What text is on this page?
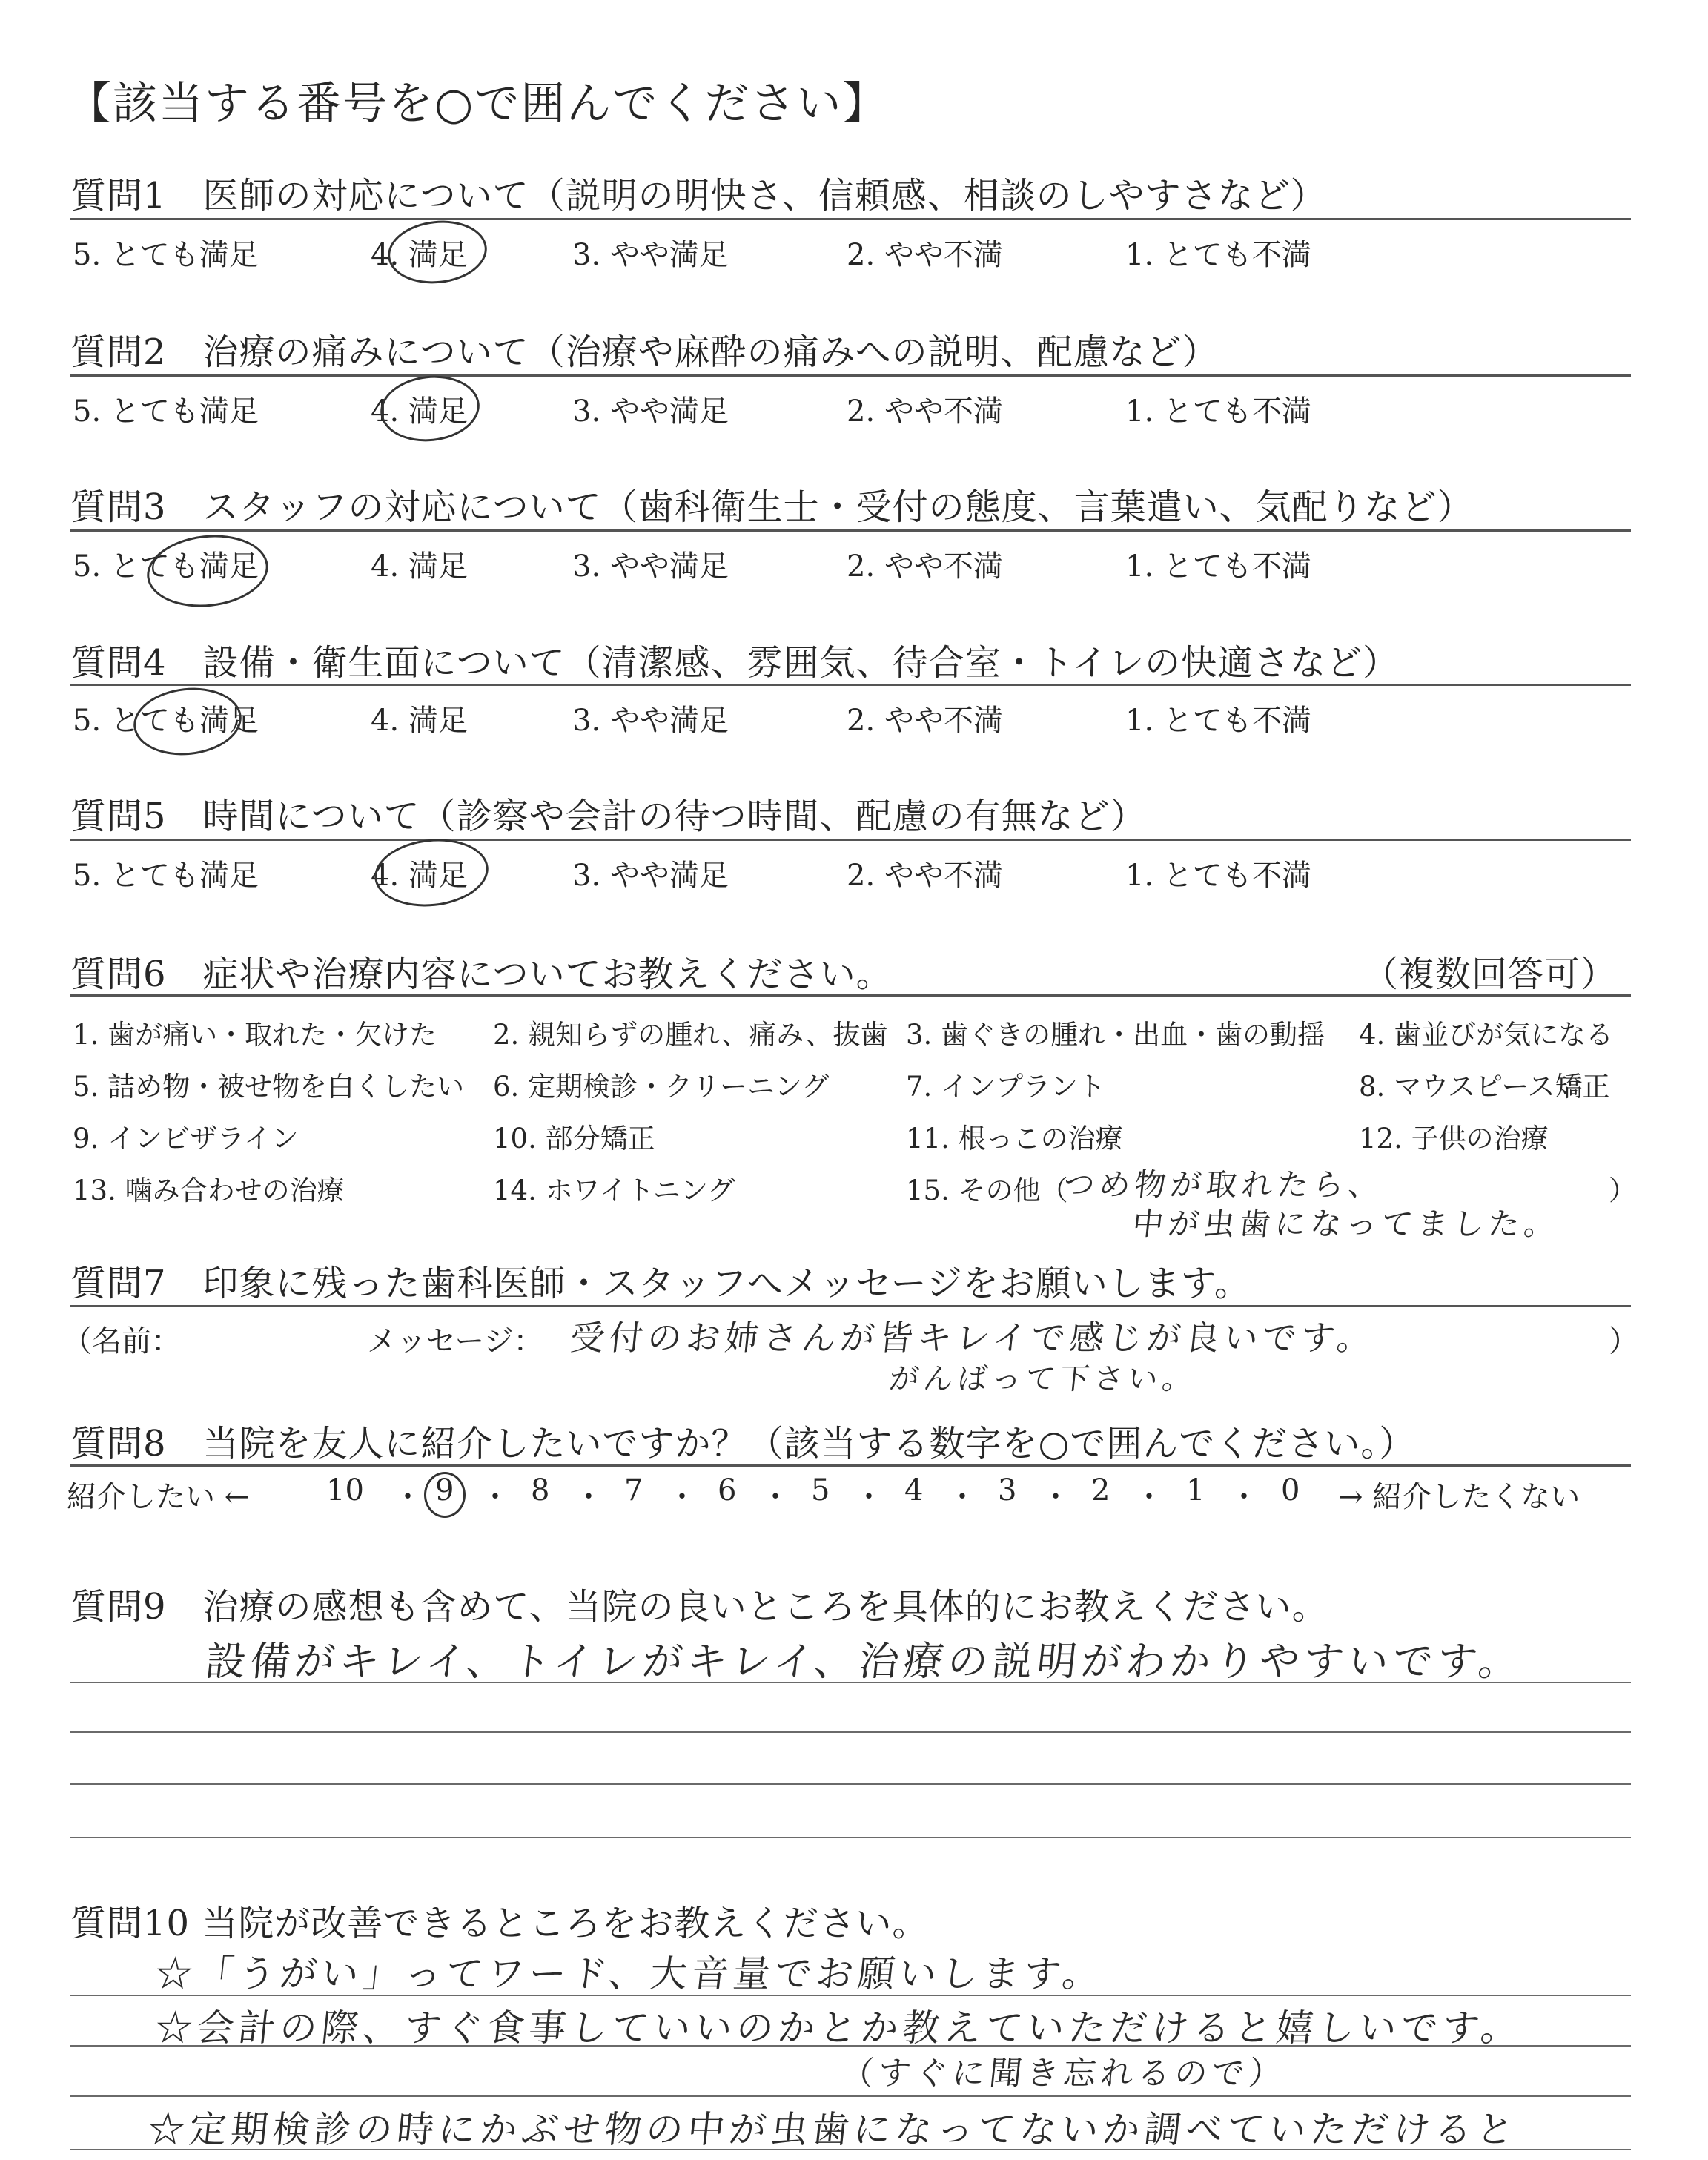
【該当する番号を○で囲んでください】
質問1　医師の対応について（説明の明快さ、信頼感、相談のしやすさなど）
5. とても満足	4. 満足	3. やや満足	2. やや不満	1. とても不満
質問2　治療の痛みについて（治療や麻酔の痛みへの説明、配慮など）
5. とても満足	4. 満足	3. やや満足	2. やや不満	1. とても不満
質問3　スタッフの対応について（歯科衛生士・受付の態度、言葉遣い、気配りなど）
5. とても満足	4. 満足	3. やや満足	2. やや不満	1. とても不満
質問4　設備・衛生面について（清潔感、雰囲気、待合室・トイレの快適さなど）
5. とても満足	4. 満足	3. やや満足	2. やや不満	1. とても不満
質問5　時間について（診察や会計の待つ時間、配慮の有無など）
5. とても満足	4. 満足	3. やや満足	2. やや不満	1. とても不満
質問6　症状や治療内容についてお教えください。	（複数回答可）
1. 歯が痛い・取れた・欠けた 2. 親知らずの腫れ、痛み、抜歯 3. 歯ぐきの腫れ・出血・歯の動揺 4. 歯並びが気になる
5. 詰め物・被せ物を白くしたい 6. 定期検診・クリーニング	7. インプラント	8. マウスピース矯正
9. インビザライン	10. 部分矯正	11. 根っこの治療	12. 子供の治療
13. 噛み合わせの治療	14. ホワイトニング	15. その他（	）
つめ物が取れたら、
中が虫歯になってました。
質問7　印象に残った歯科医師・スタッフへメッセージをお願いします。
（名前：	メッセージ：	）
受付のお姉さんが皆キレイで感じが良いです。
がんばって下さい。
質問8　当院を友人に紹介したいですか？（該当する数字を○で囲んでください。）
紹介したい ←	→ 紹介したくない
10 9	8	7	6	5	4	3	2	1	0
・ ・ ・ ・ ・ ・ ・ ・ ・ ・
質問9　治療の感想も含めて、当院の良いところを具体的にお教えください。
設備がキレイ、トイレがキレイ、治療の説明がわかりやすいです。
質問10 当院が改善できるところをお教えください。
☆「うがい」ってワード、大音量でお願いします。
☆会計の際、すぐ食事していいのかとか教えていただけると嬉しいです。
（すぐに聞き忘れるので）
☆定期検診の時にかぶせ物の中が虫歯になってないか調べていただけると
